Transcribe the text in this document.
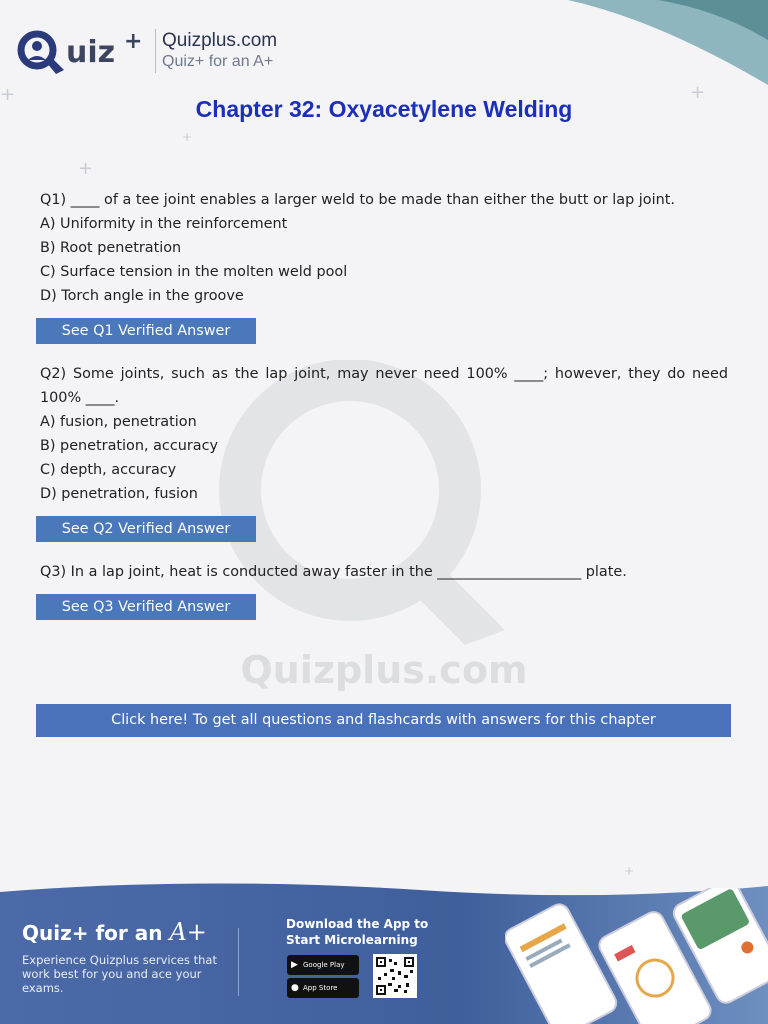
uiz + Quizplus.com
Quiz+ for an A+
+	+
+
+
+
Chapter 32: Oxyacetylene Welding
Quizplus.com
Q1) ____ of a tee joint enables a larger weld to be made than either the butt or lap joint.
A) Uniformity in the reinforcement
B) Root penetration
C) Surface tension in the molten weld pool
D) Torch angle in the groove
See Q1 Verified Answer
Q2) Some joints, such as the lap joint, may never need 100% ____; however, they do need 100% ____.
A) fusion, penetration
B) penetration, accuracy
C) depth, accuracy
D) penetration, fusion
See Q2 Verified Answer
Q3) In a lap joint, heat is conducted away faster in the ____________________ plate.
See Q3 Verified Answer
Click here! To get all questions and flashcards with answers for this chapter
Quiz+ for an A+
Experience Quizplus services that work best for you and ace your exams.
Download the App to
Start Microlearning
▶ Google Play
● App Store
